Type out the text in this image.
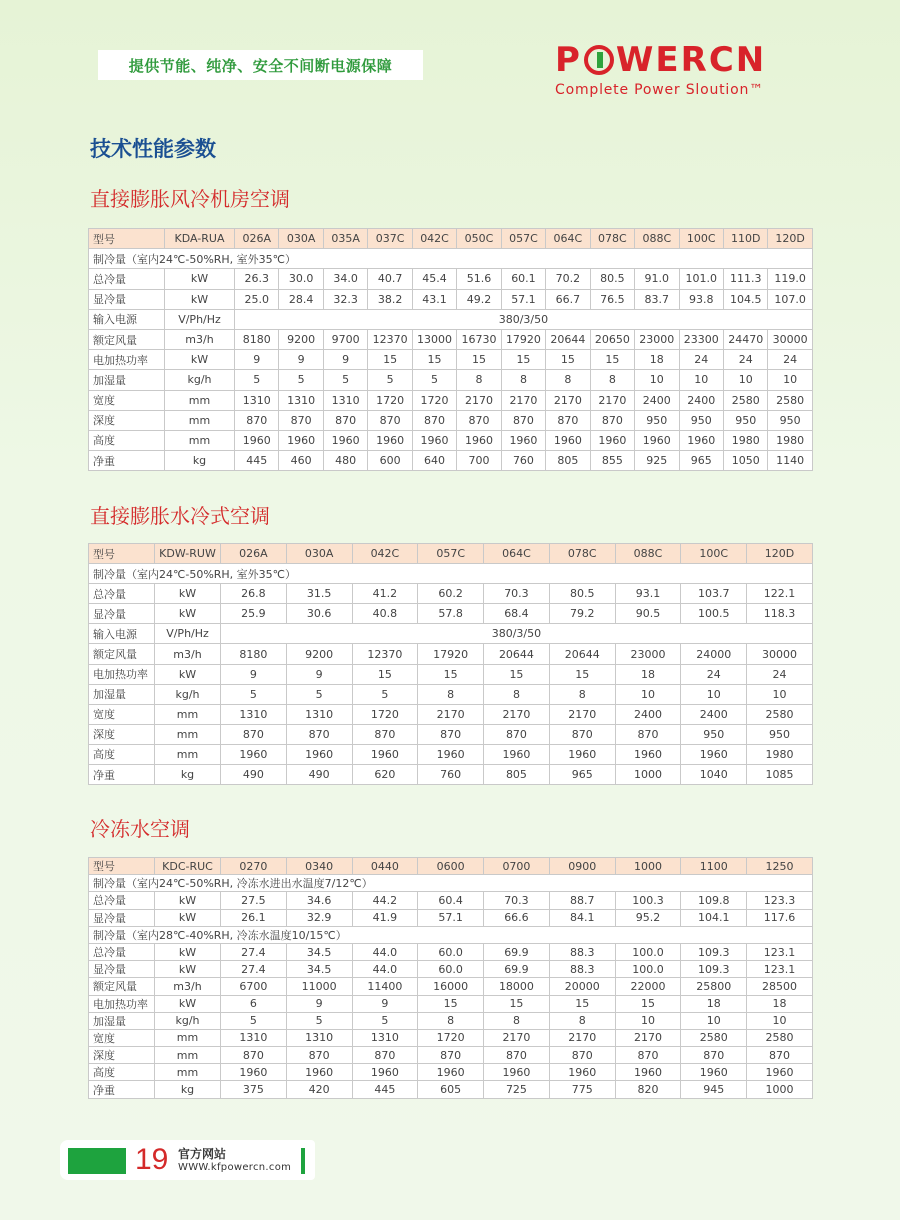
提供节能、纯净、安全不间断电源保障	P WERCN
Complete Power Sloution™
技术性能参数
直接膨胀风冷机房空调
型号	KDA-RUA	026A	030A	035A	037C	042C	050C	057C	064C	078C	088C	100C	110D	120D
制冷量（室内24℃-50%RH, 室外35℃）														
总冷量	kW	26.3	30.0	34.0	40.7	45.4	51.6	60.1	70.2	80.5	91.0	101.0	111.3	119.0
显冷量	kW	25.0	28.4	32.3	38.2	43.1	49.2	57.1	66.7	76.5	83.7	93.8	104.5	107.0
输入电源	V/Ph/Hz	380/3/50												
额定风量	m3/h	8180	9200	9700	12370	13000	16730	17920	20644	20650	23000	23300	24470	30000
电加热功率	kW	9	9	9	15	15	15	15	15	15	18	24	24	24
加湿量	kg/h	5	5	5	5	5	8	8	8	8	10	10	10	10
宽度	mm	1310	1310	1310	1720	1720	2170	2170	2170	2170	2400	2400	2580	2580
深度	mm	870	870	870	870	870	870	870	870	870	950	950	950	950
高度	mm	1960	1960	1960	1960	1960	1960	1960	1960	1960	1960	1960	1980	1980
净重	kg	445	460	480	600	640	700	760	805	855	925	965	1050	1140
直接膨胀水冷式空调
型号	KDW-RUW	026A	030A	042C	057C	064C	078C	088C	100C	120D
制冷量（室内24℃-50%RH, 室外35℃）										
总冷量	kW	26.8	31.5	41.2	60.2	70.3	80.5	93.1	103.7	122.1
显冷量	kW	25.9	30.6	40.8	57.8	68.4	79.2	90.5	100.5	118.3
输入电源	V/Ph/Hz	380/3/50								
额定风量	m3/h	8180	9200	12370	17920	20644	20644	23000	24000	30000
电加热功率	kW	9	9	15	15	15	15	18	24	24
加湿量	kg/h	5	5	5	8	8	8	10	10	10
宽度	mm	1310	1310	1720	2170	2170	2170	2400	2400	2580
深度	mm	870	870	870	870	870	870	870	950	950
高度	mm	1960	1960	1960	1960	1960	1960	1960	1960	1980
净重	kg	490	490	620	760	805	965	1000	1040	1085
冷冻水空调
型号	KDC-RUC	0270	0340	0440	0600	0700	0900	1000	1100	1250
制冷量（室内24℃-50%RH, 冷冻水进出水温度7/12℃）										
总冷量	kW	27.5	34.6	44.2	60.4	70.3	88.7	100.3	109.8	123.3
显冷量	kW	26.1	32.9	41.9	57.1	66.6	84.1	95.2	104.1	117.6
制冷量（室内28℃-40%RH, 冷冻水温度10/15℃）										
总冷量	kW	27.4	34.5	44.0	60.0	69.9	88.3	100.0	109.3	123.1
显冷量	kW	27.4	34.5	44.0	60.0	69.9	88.3	100.0	109.3	123.1
额定风量	m3/h	6700	11000	11400	16000	18000	20000	22000	25800	28500
电加热功率	kW	6	9	9	15	15	15	15	18	18
加湿量	kg/h	5	5	5	8	8	8	10	10	10
宽度	mm	1310	1310	1310	1720	2170	2170	2170	2580	2580
深度	mm	870	870	870	870	870	870	870	870	870
高度	mm	1960	1960	1960	1960	1960	1960	1960	1960	1960
净重	kg	375	420	445	605	725	775	820	945	1000
19 官方网站
WWW.kfpowercn.com
